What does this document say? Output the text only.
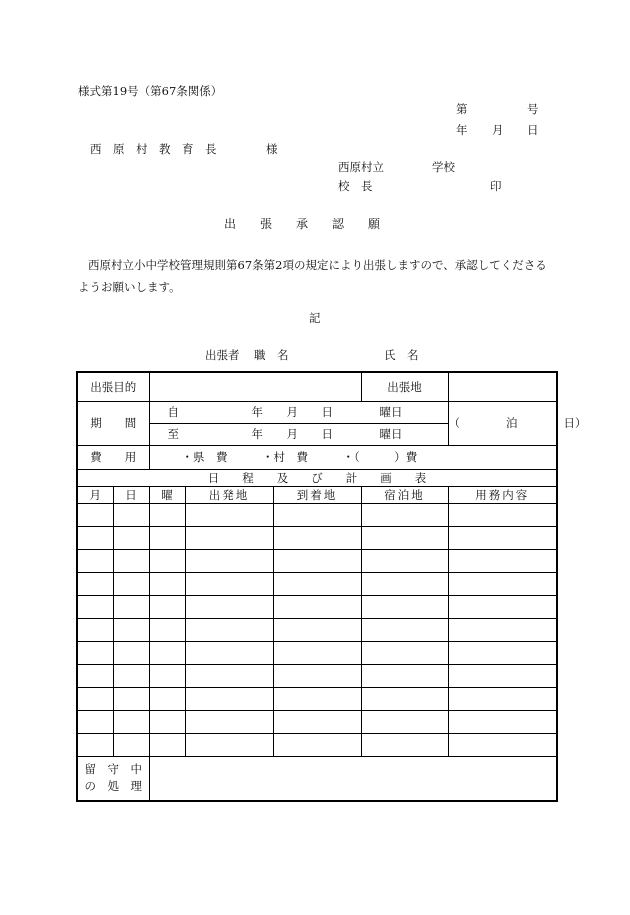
様式第19号（第67条関係）
第	号
年 月 日
西　原　村　教　育　長	様
西原村立	学校
校　長	印
出　　張　　承　　認　　願
西原村立小中学校管理規則第67条第2項の規定により出張しますので、承認してくださるようお願いします。
記
出張者 職　名	氏　名
出張目的					出張地	
期　　間		自 年 月 日 曜日				（　　　　泊　　　　日）

		至 年 月 日 曜日				

費　　用		・県　費　　　・村　費　　　・（　　　）費				
日　　程　　及　　び　　計　　画　　表						
月	日	曜	出発地	到着地	宿泊地	用務内容

留　守　中
の　処　理						
